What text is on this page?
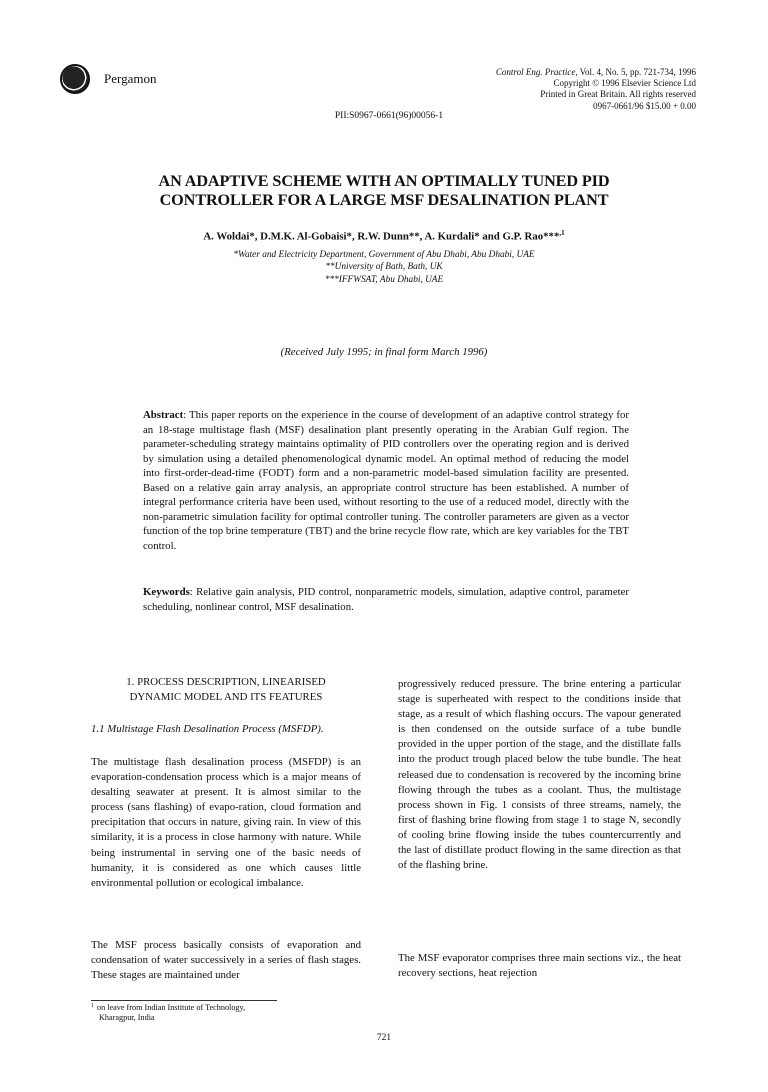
Pergamon	Control Eng. Practice, Vol. 4, No. 5, pp. 721-734, 1996
Copyright © 1996 Elsevier Science Ltd
Printed in Great Britain. All rights reserved
0967-0661/96 $15.00 + 0.00
PII:S0967-0661(96)00056-1
AN ADAPTIVE SCHEME WITH AN OPTIMALLY TUNED PID
CONTROLLER FOR A LARGE MSF DESALINATION PLANT
A. Woldai*, D.M.K. Al-Gobaisi*, R.W. Dunn**, A. Kurdali* and G.P. Rao***$^{,1}$
*Water and Electricity Department, Government of Abu Dhabi, Abu Dhabi, UAE
**University of Bath, Bath, UK
***IFFWSAT, Abu Dhabi, UAE
(Received July 1995; in final form March 1996)
Abstract: This paper reports on the experience in the course of development of an adaptive control strategy for an 18-stage multistage flash (MSF) desalination plant presently operating in the Arabian Gulf region. The parameter-scheduling strategy maintains optimality of PID controllers over the operating region and is derived by simulation using a detailed phenomenological dynamic model. An optimal method of reducing the model into first-order-dead-time (FODT) form and a non-parametric model-based simulation facility are presented. Based on a relative gain array analysis, an appropriate control structure has been established. A number of integral performance criteria have been used, without resorting to the use of a reduced model, directly with the non-parametric simulation facility for optimal controller tuning. The controller parameters are given as a vector function of the top brine temperature (TBT) and the brine recycle flow rate, which are key variables for the TBT control.
Keywords: Relative gain analysis, PID control, nonparametric models, simulation, adaptive control, parameter scheduling, nonlinear control, MSF desalination.
1. PROCESS DESCRIPTION, LINEARISED
DYNAMIC MODEL AND ITS FEATURES
1.1 Multistage Flash Desalination Process (MSFDP).
The multistage flash desalination process (MSFDP) is an evaporation-condensation process which is a major means of desalting seawater at present. It is almost similar to the process (sans flashing) of evapo-ration, cloud formation and precipitation that occurs in nature, giving rain. In view of this similarity, it is a process in close harmony with nature. While being instrumental in serving one of the basic needs of humanity, it is considered as one which causes little environmental pollution or ecological imbalance.
The MSF process basically consists of evaporation and condensation of water successively in a series of flash stages. These stages are maintained under
progressively reduced pressure. The brine entering a particular stage is superheated with respect to the conditions inside that stage, as a result of which flashing occurs. The vapour generated is then condensed on the outside surface of a tube bundle provided in the upper portion of the stage, and the distillate falls into the product trough placed below the tube bundle. The heat released due to condensation is recovered by the incoming brine flowing through the tubes as a coolant. Thus, the multistage process shown in Fig. 1 consists of three streams, namely, the first of flashing brine flowing from stage 1 to stage N, secondly of cooling brine flowing inside the tubes countercurrently and the last of distillate product flowing in the same direction as that of the flashing brine.
The MSF evaporator comprises three main sections viz., the heat recovery sections, heat rejection
1 on leave from Indian Institute of Technology,
Kharagpur, India
721
